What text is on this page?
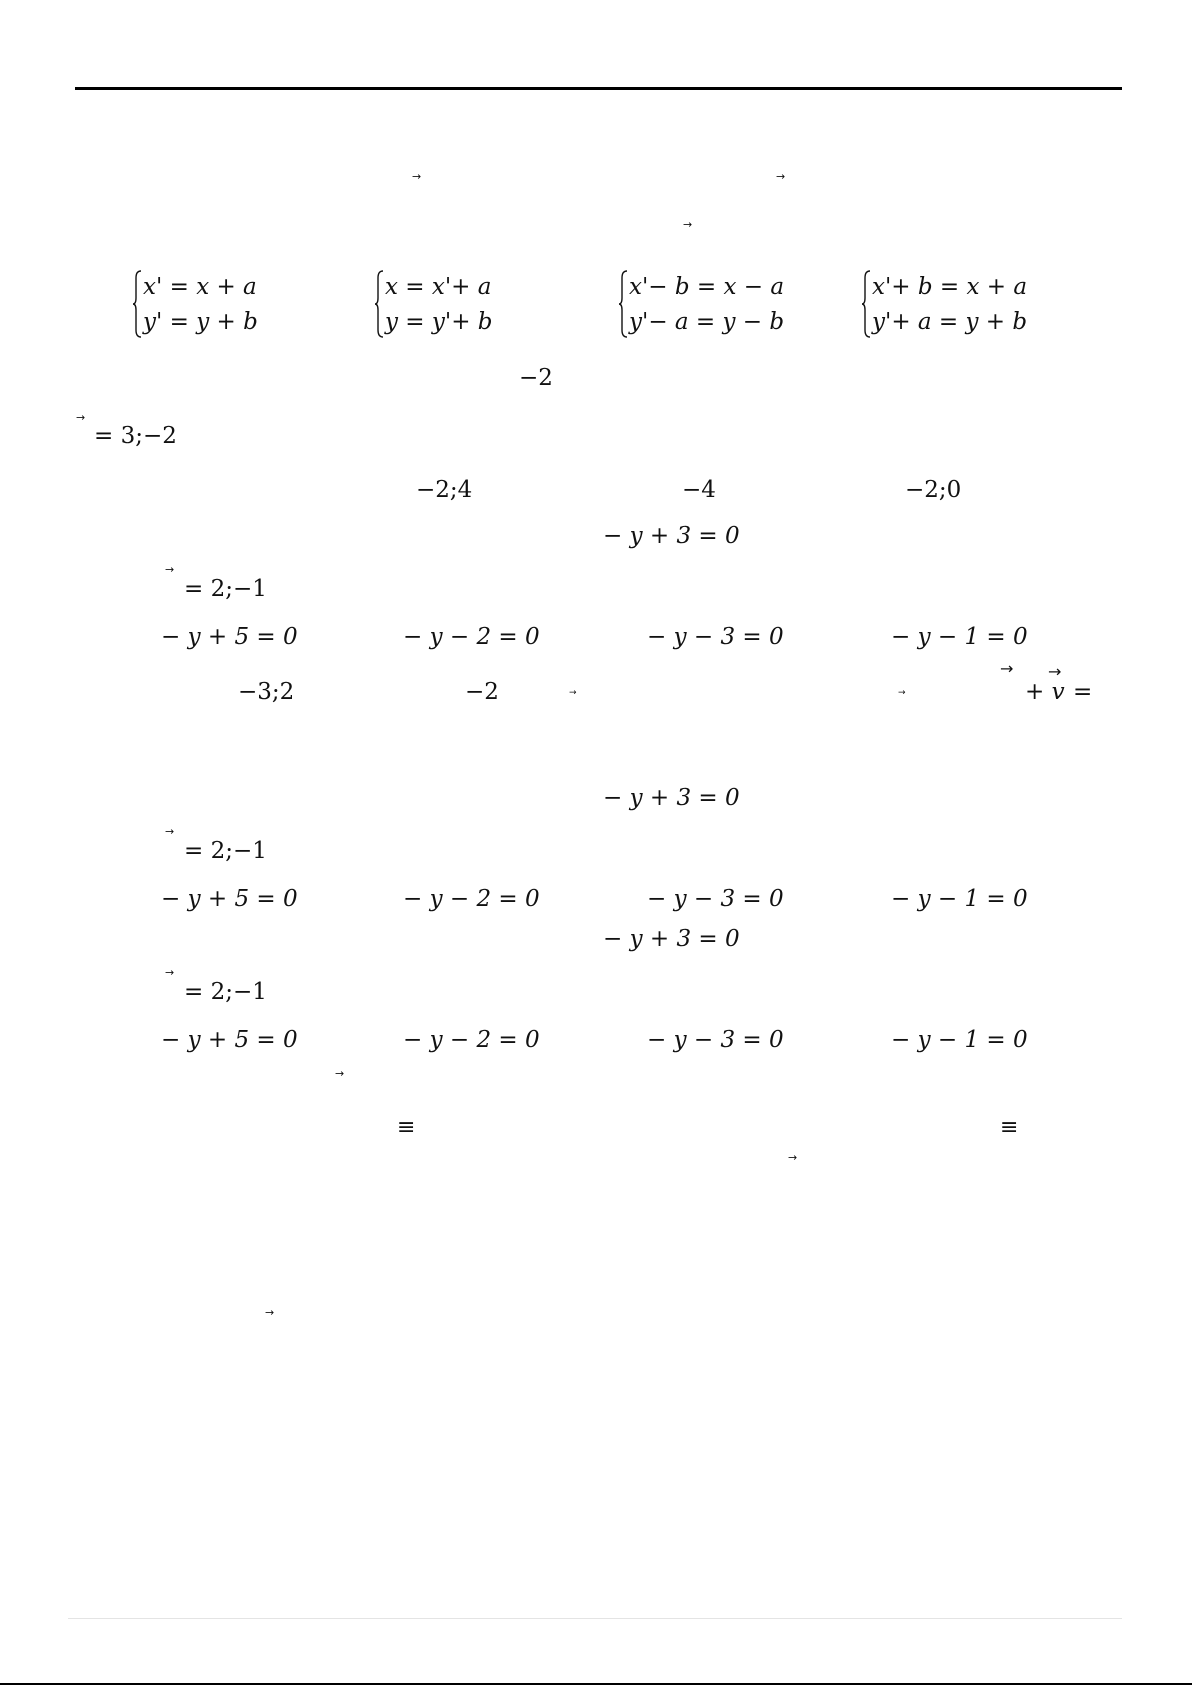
→	→
→
x' = x + a
y' = y + b
x = x'+ a
y = y'+ b
x'− b = x − a
y'− a = y − b
x'+ b = x + a
y'+ a = y + b
−2
→
= 3;−2
−2;4	−4	−2;0
− y + 3 = 0
→
= 2;−1
− y + 5 = 0	− y − 2 = 0	− y − 3 = 0	− y − 1 = 0
−3;2	−2	→	→
→ →
+ v =
− y + 3 = 0
→
= 2;−1
− y + 5 = 0	− y − 2 = 0	− y − 3 = 0	− y − 1 = 0
− y + 3 = 0
→
= 2;−1
− y + 5 = 0	− y − 2 = 0	− y − 3 = 0	− y − 1 = 0
→
≡	≡
→
→
